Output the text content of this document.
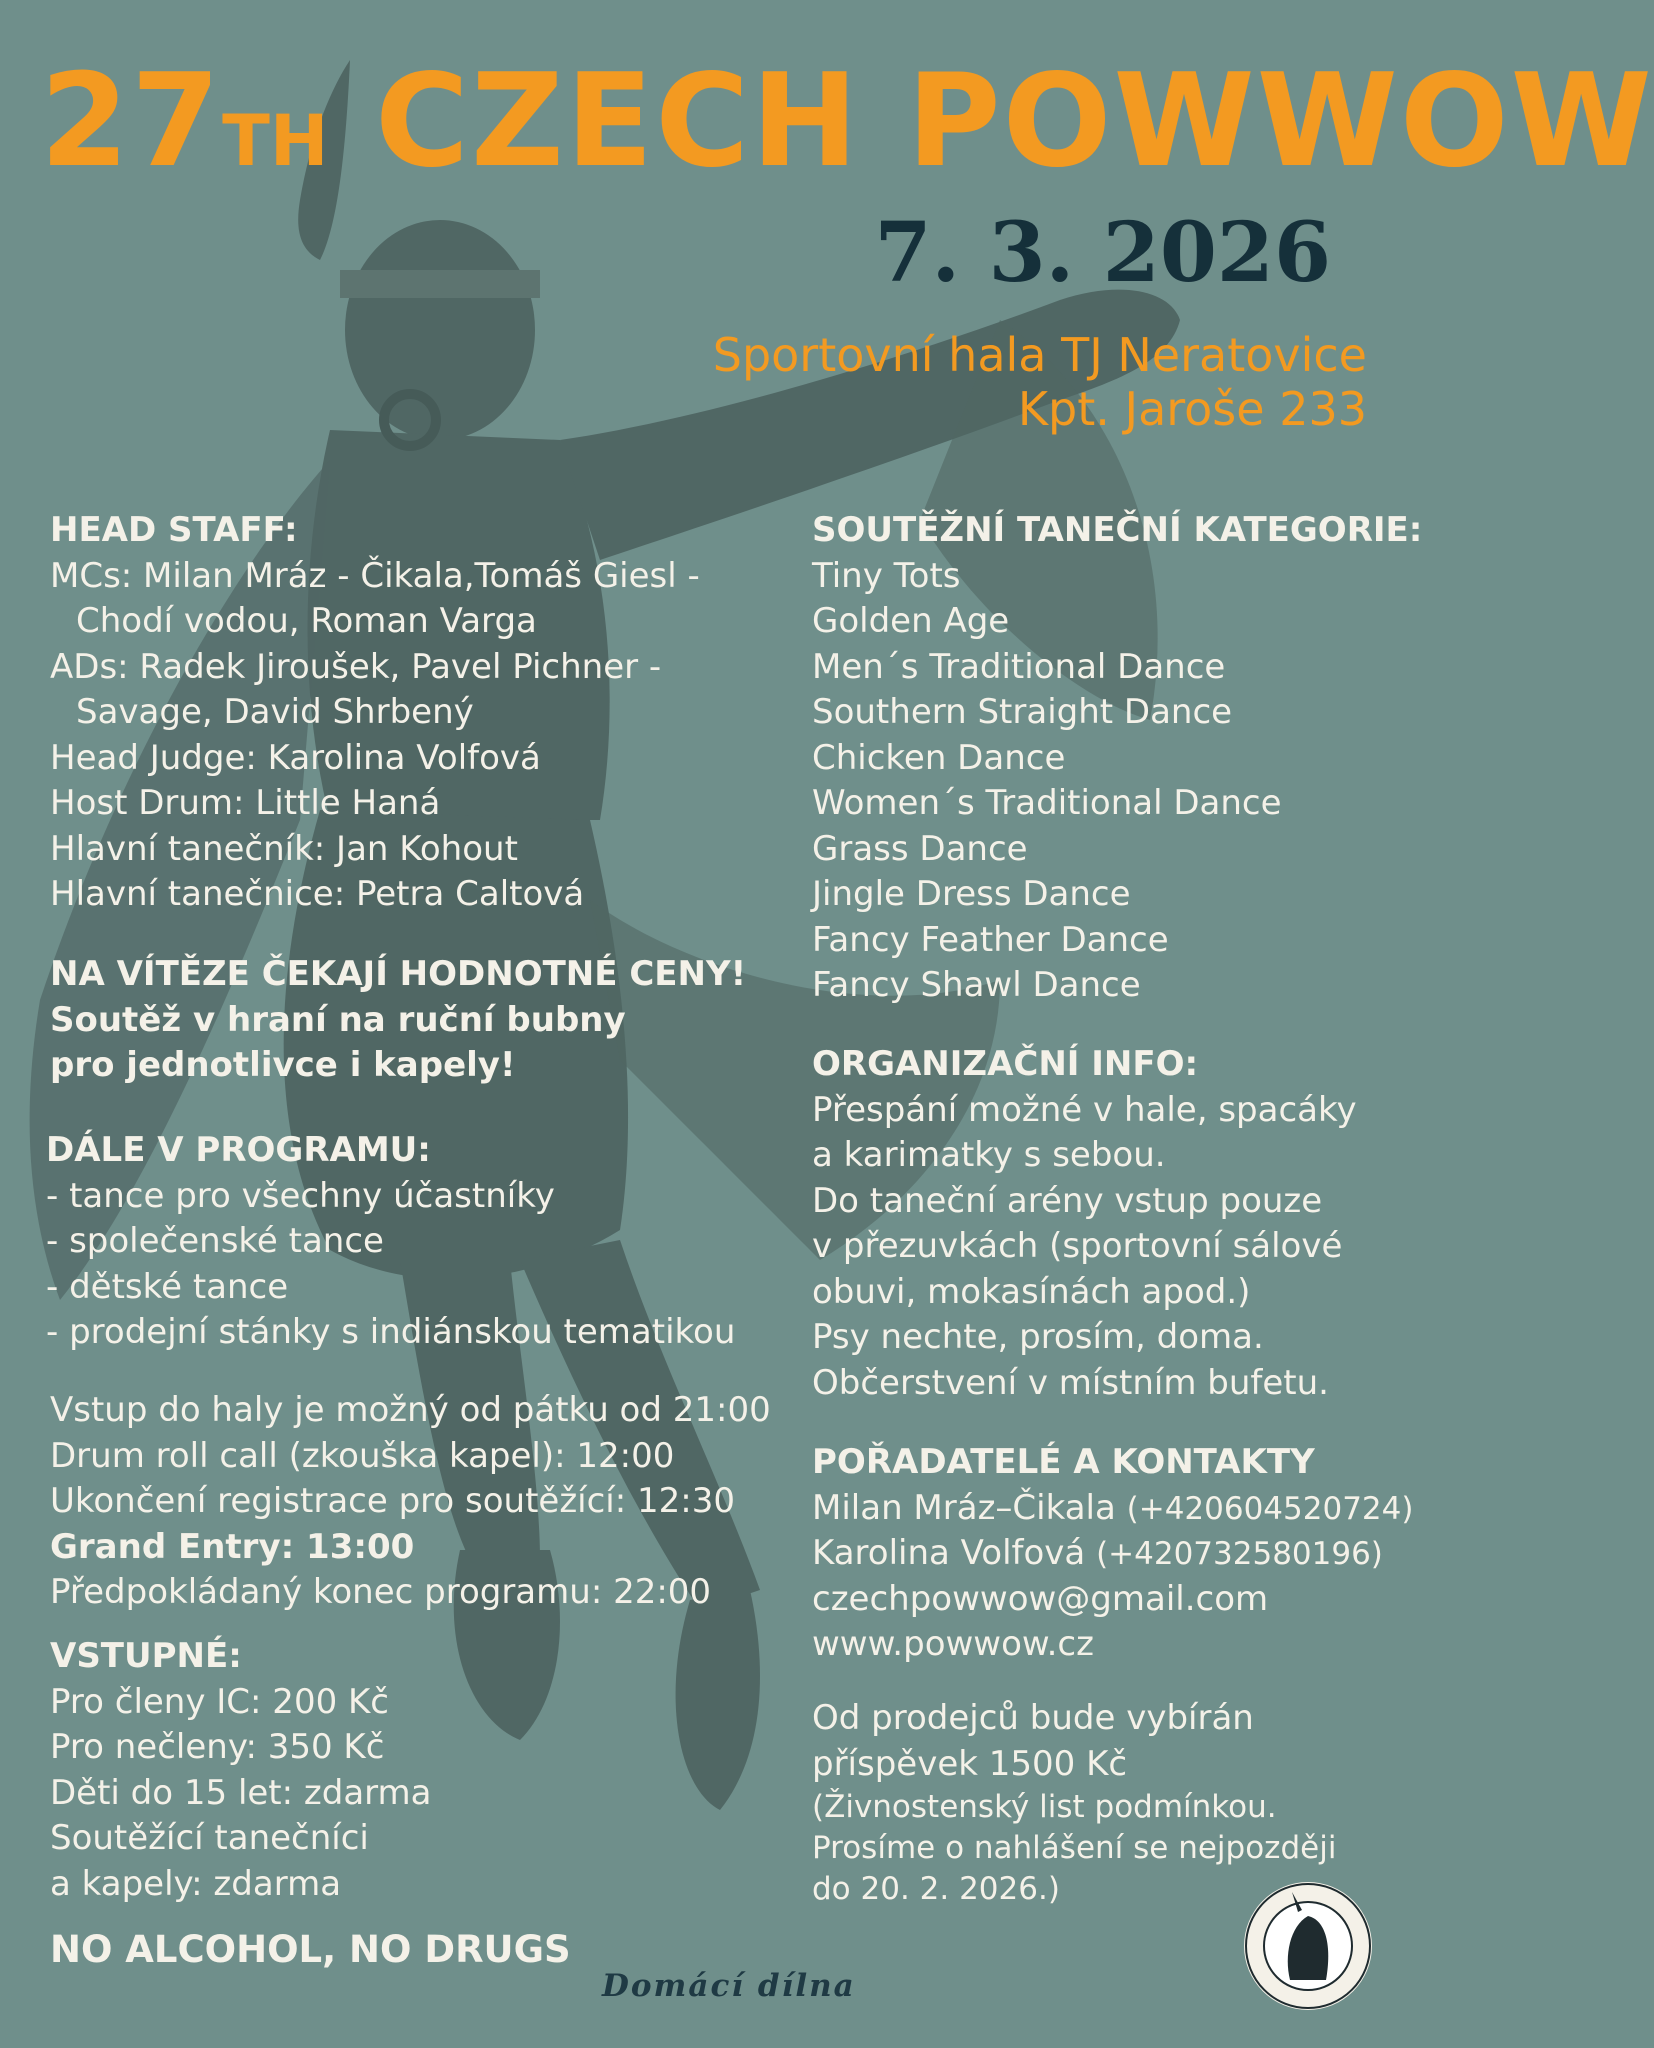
27TH CZECH POWWOW
7. 3. 2026
Sportovní hala TJ Neratovice
Kpt. Jaroše 233
HEAD STAFF:
MCs: Milan Mráz - Čikala,Tomáš Giesl -
Chodí vodou, Roman Varga
ADs: Radek Jiroušek, Pavel Pichner -
Savage, David Shrbený
Head Judge: Karolina Volfová
Host Drum: Little Haná
Hlavní tanečník: Jan Kohout
Hlavní tanečnice: Petra Caltová
NA VÍTĚZE ČEKAJÍ HODNOTNÉ CENY!
Soutěž v hraní na ruční bubny
pro jednotlivce i kapely!
DÁLE V PROGRAMU:
- tance pro všechny účastníky
- společenské tance
- dětské tance
- prodejní stánky s indiánskou tematikou
Vstup do haly je možný od pátku od 21:00
Drum roll call (zkouška kapel): 12:00
Ukončení registrace pro soutěžící: 12:30
Grand Entry: 13:00
Předpokládaný konec programu: 22:00
VSTUPNÉ:
Pro členy IC: 200 Kč
Pro nečleny: 350 Kč
Děti do 15 let: zdarma
Soutěžící tanečníci
a kapely: zdarma
NO ALCOHOL, NO DRUGS
SOUTĚŽNÍ TANEČNÍ KATEGORIE:
Tiny Tots
Golden Age
Men´s Traditional Dance
Southern Straight Dance
Chicken Dance
Women´s Traditional Dance
Grass Dance
Jingle Dress Dance
Fancy Feather Dance
Fancy Shawl Dance
ORGANIZAČNÍ INFO:
Přespání možné v hale, spacáky
a karimatky s sebou.
Do taneční arény vstup pouze
v přezuvkách (sportovní sálové
obuvi, mokasínách apod.)
Psy nechte, prosím, doma.
Občerstvení v místním bufetu.
POŘADATELÉ A KONTAKTY
Milan Mráz–Čikala (+420604520724)
Karolina Volfová (+420732580196)
czechpowwow@gmail.com
www.powwow.cz
Od prodejců bude vybírán
příspěvek 1500 Kč
(Živnostenský list podmínkou.
Prosíme o nahlášení se nejpozději
do 20. 2. 2026.)
Domácí dílna
